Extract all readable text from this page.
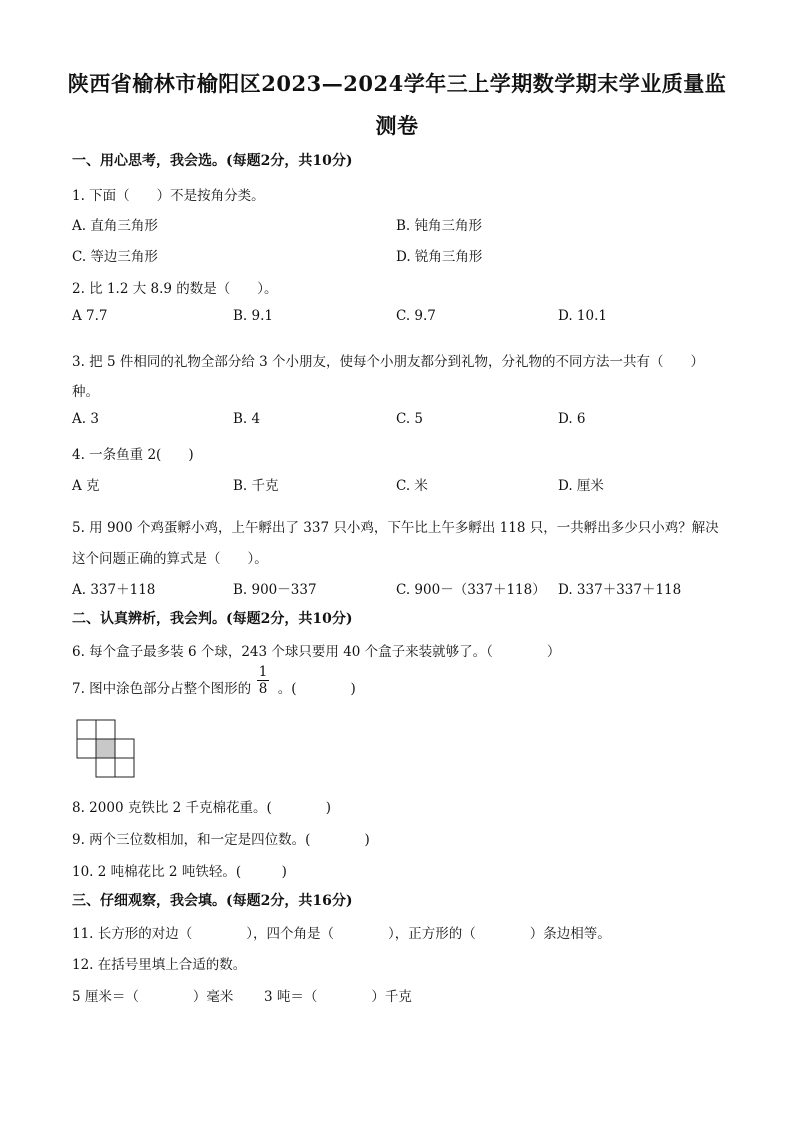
陕西省榆林市榆阳区2023—2024学年三上学期数学期末学业质量监
测卷
一、用心思考，我会选。(每题2分，共10分)
1. 下面（　　）不是按角分类。
A. 直角三角形	B. 钝角三角形
C. 等边三角形	D. 锐角三角形
2. 比 1.2 大 8.9 的数是（　　）。
A 7.7	B. 9.1	C. 9.7	D. 10.1
3. 把 5 件相同的礼物全部分给 3 个小朋友，使每个小朋友都分到礼物，分礼物的不同方法一共有（　　）
种。
A. 3	B. 4	C. 5	D. 6
4. 一条鱼重 2(　　)
A 克	B. 千克	C. 米	D. 厘米
5. 用 900 个鸡蛋孵小鸡，上午孵出了 337 只小鸡，下午比上午多孵出 118 只，一共孵出多少只小鸡？解决
这个问题正确的算式是（　　）。
A. 337＋118	B. 900－337	C. 900－（337＋118） D. 337＋337＋118
二、认真辨析，我会判。(每题2分，共10分)
6. 每个盒子最多装 6 个球，243 个球只要用 40 个盒子来装就够了。（　　　　）
7. 图中涂色部分占整个图形的 。(　　　　)
1
8
8. 2000 克铁比 2 千克棉花重。(　　　　)
9. 两个三位数相加，和一定是四位数。(　　　　)
10. 2 吨棉花比 2 吨铁轻。(　　　)
三、仔细观察，我会填。(每题2分，共16分)
11. 长方形的对边（　　　　），四个角是（　　　　），正方形的（　　　　）条边相等。
12. 在括号里填上合适的数。
5 厘米＝（　　　　）毫米 3 吨＝（　　　　）千克
